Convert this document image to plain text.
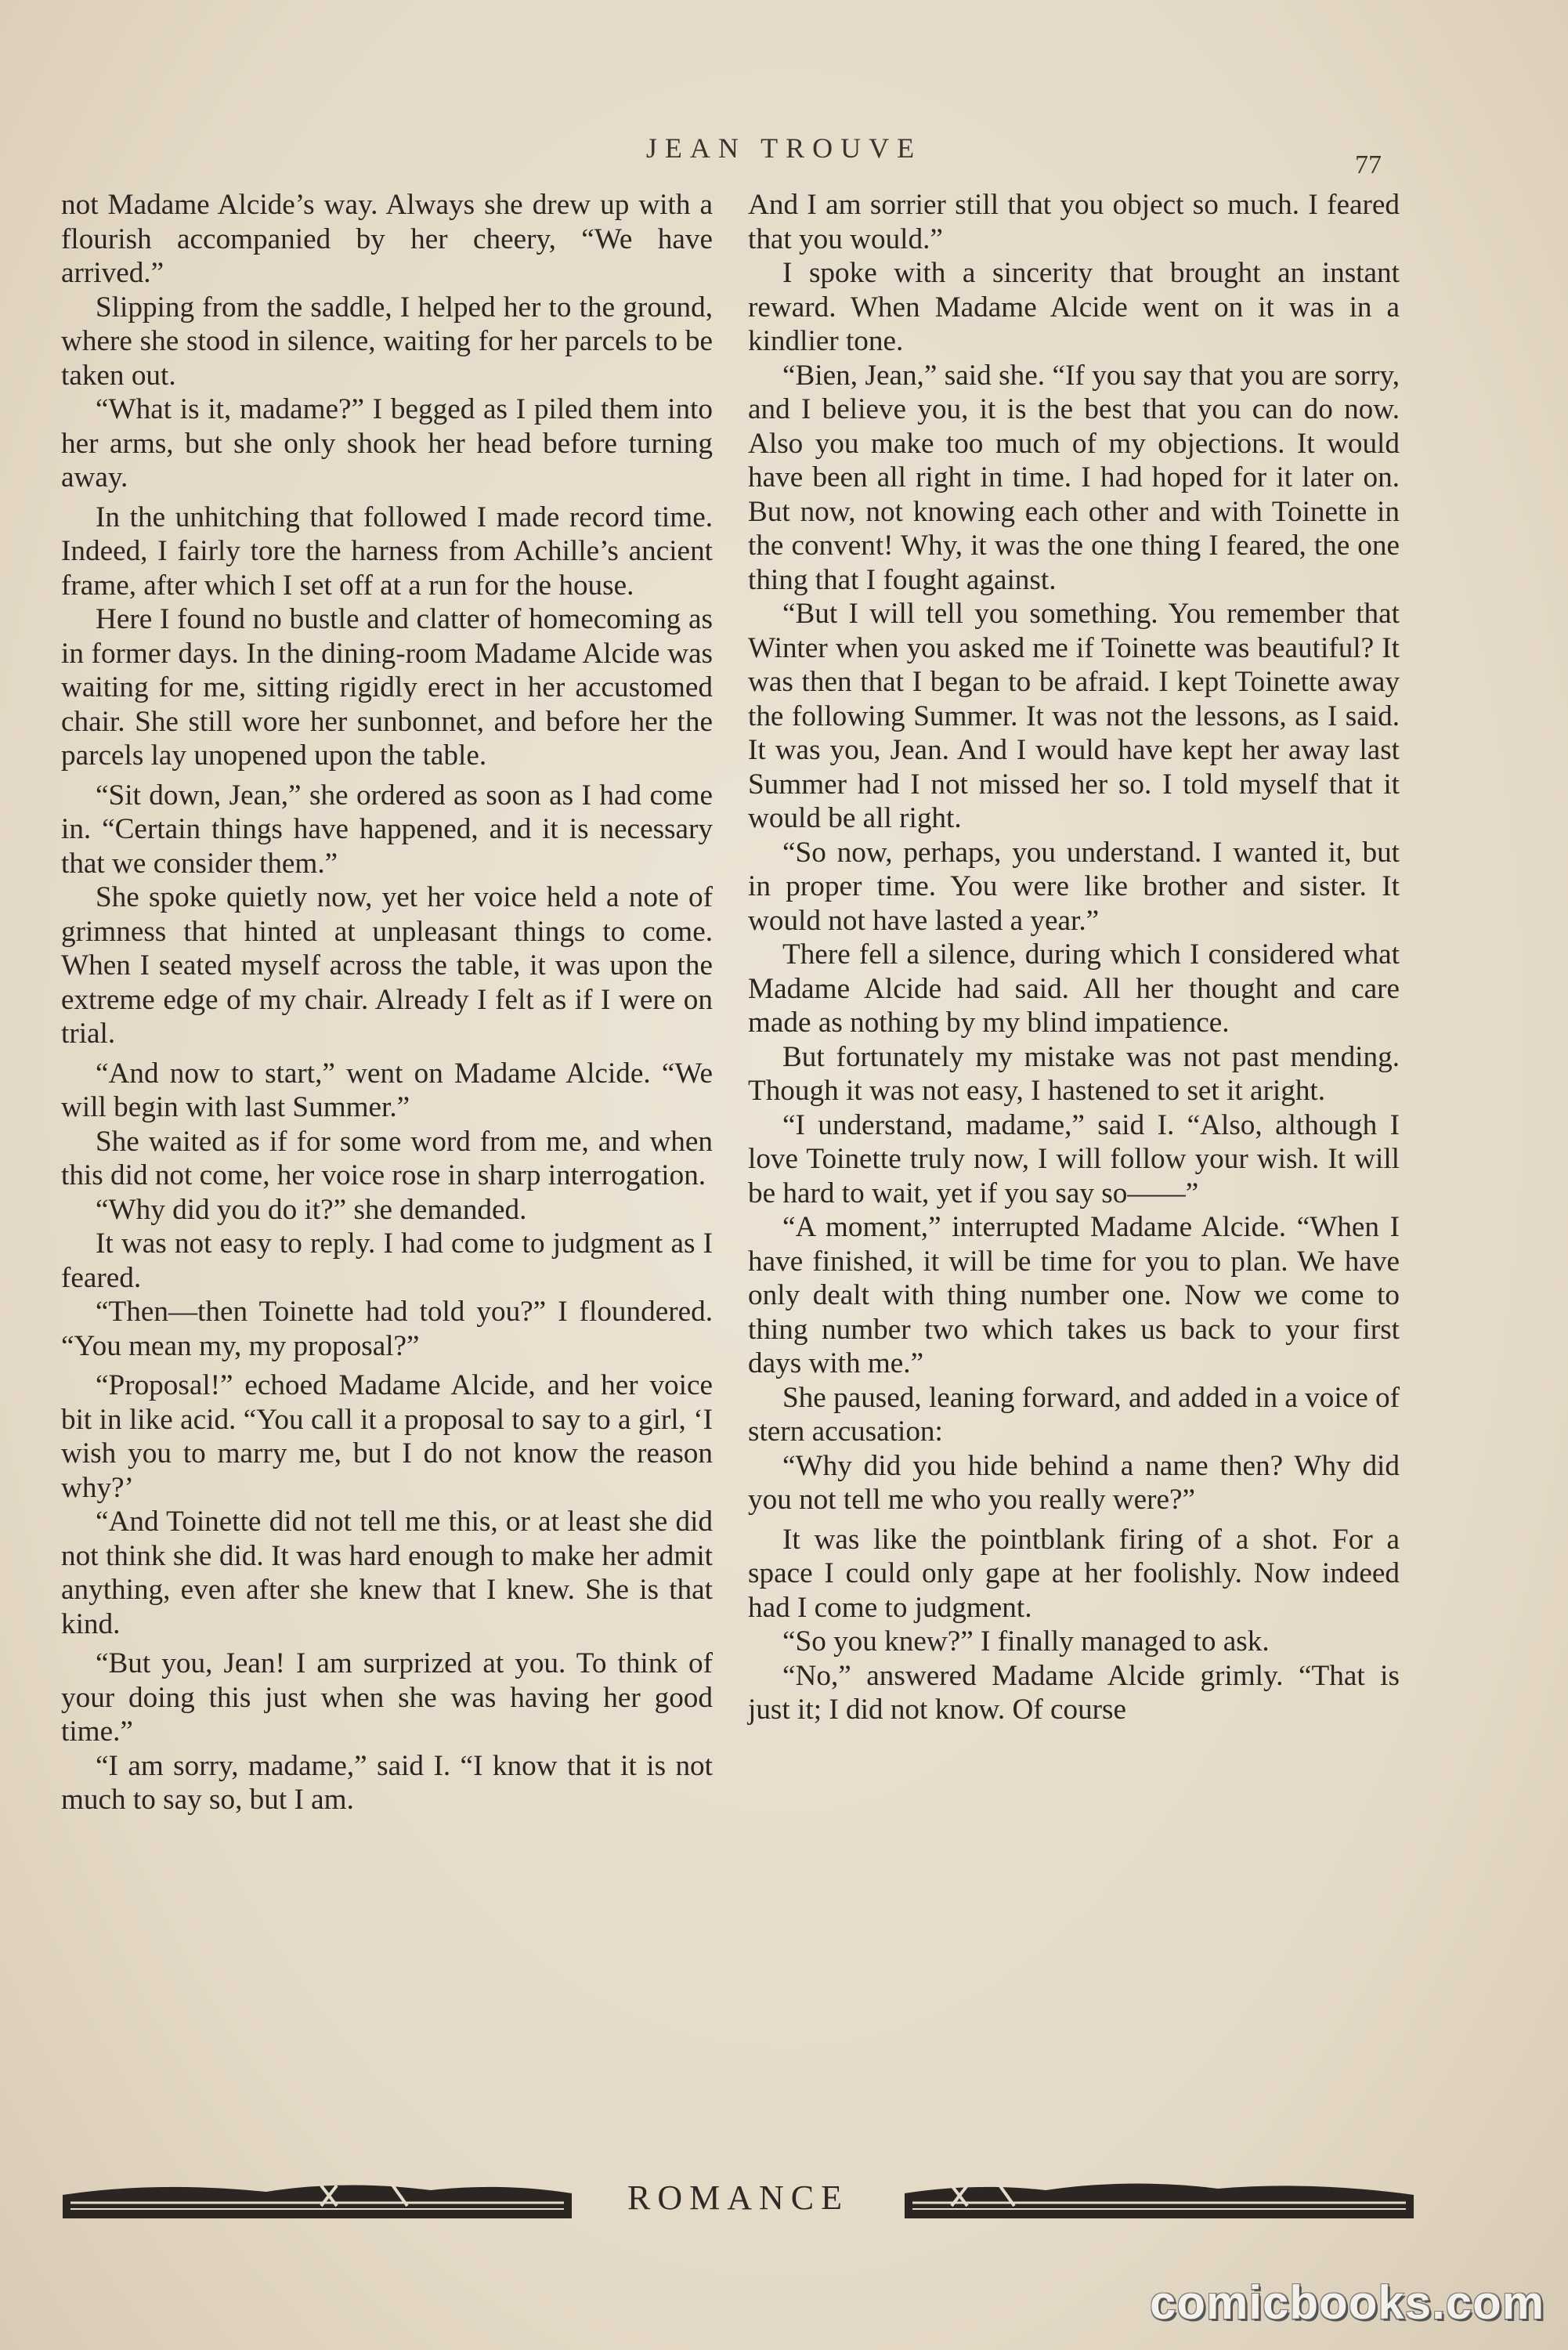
JEAN TROUVE
77

not Madame Alcide’s way. Always she drew up with a flourish accompanied by her cheery, “We have arrived.”

Slipping from the saddle, I helped her to the ground, where she stood in silence, waiting for her parcels to be taken out.

“What is it, madame?” I begged as I piled them into her arms, but she only shook her head before turning away.

In the unhitching that followed I made record time. Indeed, I fairly tore the harness from Achille’s ancient frame, after which I set off at a run for the house.

Here I found no bustle and clatter of homecoming as in former days. In the dining-room Madame Alcide was waiting for me, sitting rigidly erect in her accustomed chair. She still wore her sunbonnet, and before her the parcels lay unopened upon the table.

“Sit down, Jean,” she ordered as soon as I had come in. “Certain things have happened, and it is necessary that we consider them.”

She spoke quietly now, yet her voice held a note of grimness that hinted at unpleasant things to come. When I seated myself across the table, it was upon the extreme edge of my chair. Already I felt as if I were on trial.

“And now to start,” went on Madame Alcide. “We will begin with last Summer.”

She waited as if for some word from me, and when this did not come, her voice rose in sharp interrogation.

“Why did you do it?” she demanded.

It was not easy to reply. I had come to judgment as I feared.

“Then—then Toinette had told you?” I floundered. “You mean my, my proposal?”

“Proposal!” echoed Madame Alcide, and her voice bit in like acid. “You call it a proposal to say to a girl, ‘I wish you to marry me, but I do not know the reason why?’

“And Toinette did not tell me this, or at least she did not think she did. It was hard enough to make her admit anything, even after she knew that I knew. She is that kind.

“But you, Jean! I am surprized at you. To think of your doing this just when she was having her good time.”

“I am sorry, madame,” said I. “I know that it is not much to say so, but I am.

And I am sorrier still that you object so much. I feared that you would.”

I spoke with a sincerity that brought an instant reward. When Madame Alcide went on it was in a kindlier tone.

“Bien, Jean,” said she. “If you say that you are sorry, and I believe you, it is the best that you can do now. Also you make too much of my objections. It would have been all right in time. I had hoped for it later on. But now, not knowing each other and with Toinette in the convent! Why, it was the one thing I feared, the one thing that I fought against.

“But I will tell you something. You remember that Winter when you asked me if Toinette was beautiful? It was then that I began to be afraid. I kept Toinette away the following Summer. It was not the lessons, as I said. It was you, Jean. And I would have kept her away last Summer had I not missed her so. I told myself that it would be all right.

“So now, perhaps, you understand. I wanted it, but in proper time. You were like brother and sister. It would not have lasted a year.”

There fell a silence, during which I considered what Madame Alcide had said. All her thought and care made as nothing by my blind impatience.

But fortunately my mistake was not past mending. Though it was not easy, I hastened to set it aright.

“I understand, madame,” said I. “Also, although I love Toinette truly now, I will follow your wish. It will be hard to wait, yet if you say so——”

“A moment,” interrupted Madame Alcide. “When I have finished, it will be time for you to plan. We have only dealt with thing number one. Now we come to thing number two which takes us back to your first days with me.”

She paused, leaning forward, and added in a voice of stern accusation:

“Why did you hide behind a name then? Why did you not tell me who you really were?”

It was like the pointblank firing of a shot. For a space I could only gape at her foolishly. Now indeed had I come to judgment.

“So you knew?” I finally managed to ask.

“No,” answered Madame Alcide grimly. “That is just it; I did not know. Of course

ROMANCE
comicbooks.com
